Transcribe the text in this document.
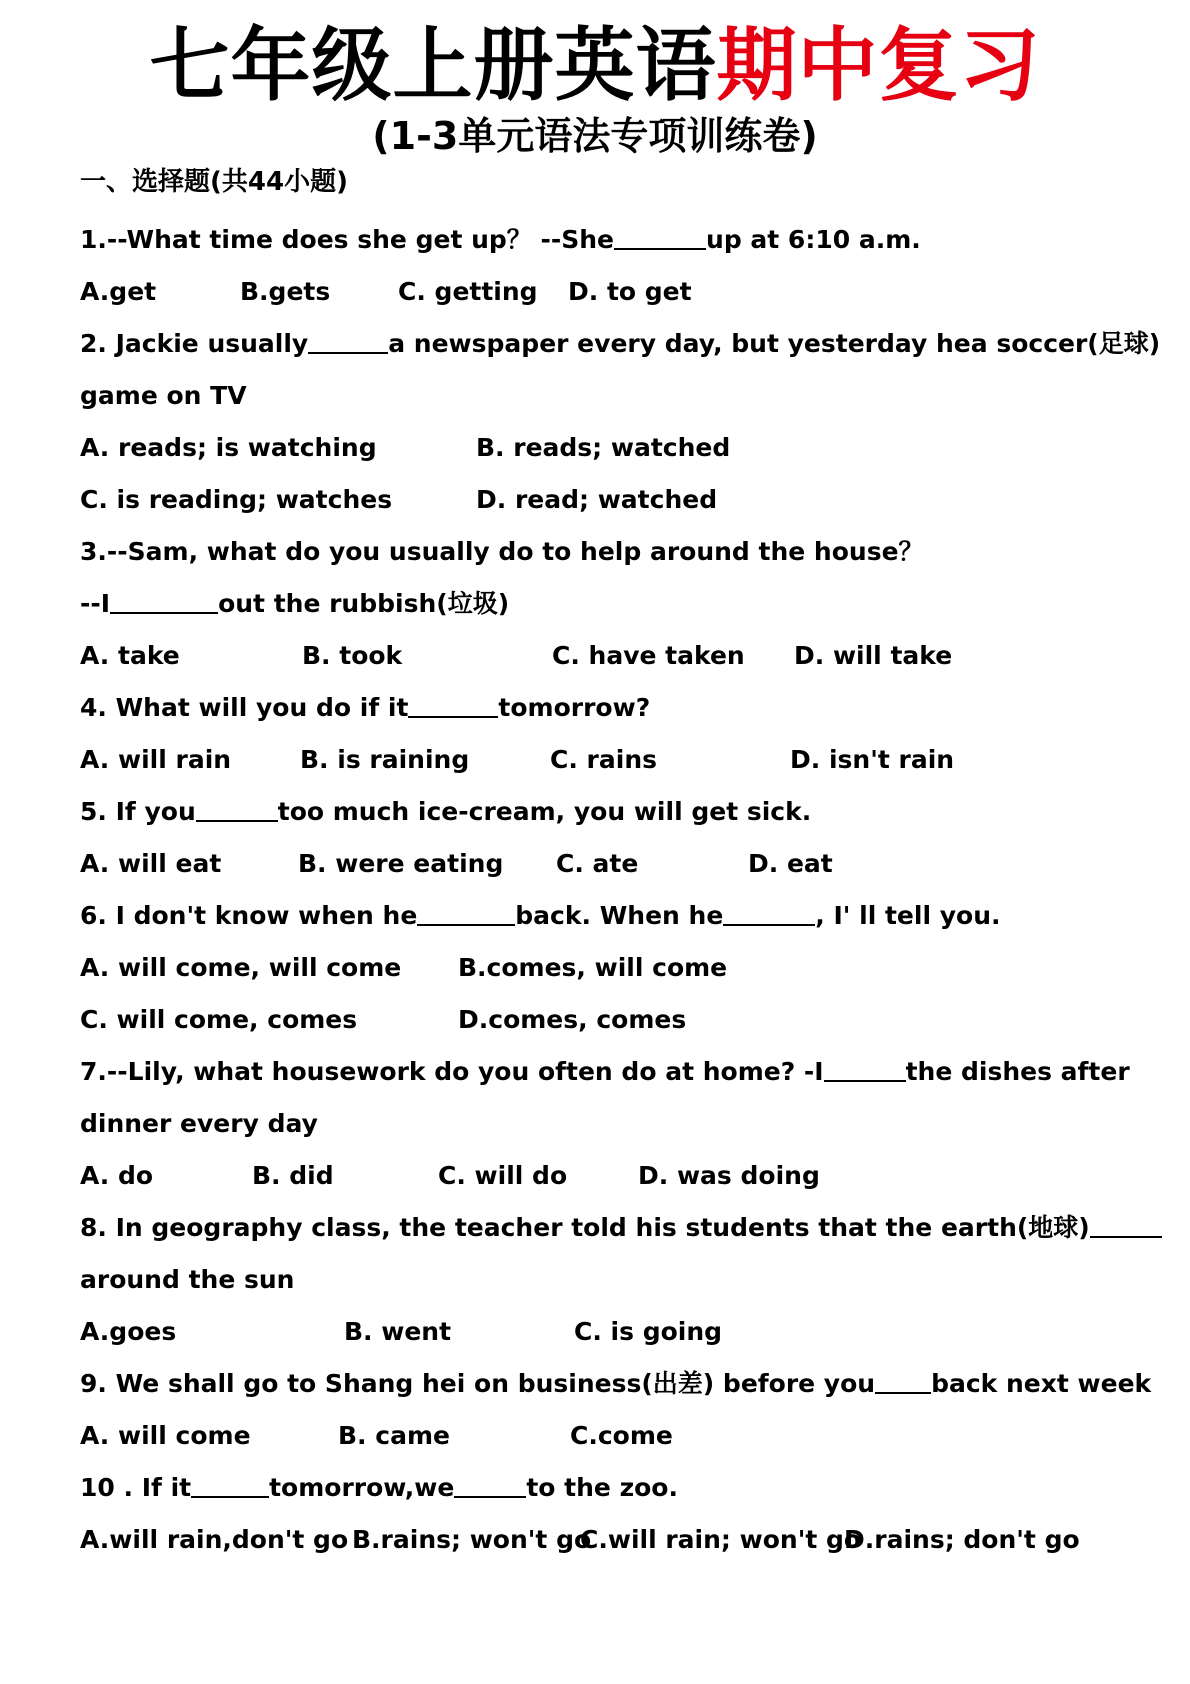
七年级上册英语期中复习
(1-3单元语法专项训练卷)
一、选择题(共44小题)
1.--What time does she get up？ --She	up at 6:10 a.m.
A.get	B.gets	C. getting D. to get
2. Jackie usually	a newspaper every day, but yesterday hea soccer(足球)
game on TV
A. reads; is watching	B. reads; watched
C. is reading; watches	D. read; watched
3.--Sam, what do you usually do to help around the house？
--I	out the rubbish(垃圾)
A. take	B. took	C. have taken D. will take
4. What will you do if it	tomorrow?
A. will rain	B. is raining	C. rains	D. isn't rain
5. If you	too much ice-cream, you will get sick.
A. will eat	B. were eating C. ate	D. eat
6. I don't know when he	back. When he	, I' ll tell you.
A. will come, will come B.comes, will come
C. will come, comes	D.comes, comes
7.--Lily, what housework do you often do at home? -I	the dishes after
dinner every day
A. do	B. did	C. will do	D. was doing
8. In geography class, the teacher told his students that the earth(地球)
around the sun
A.goes	B. went	C. is going
9. We shall go to Shang hei on business(出差) before you back next week
A. will come	B. came	C.come
10 . If it	tomorrow,we	to the zoo.
A.will rain,don't go B.rains; won't go
C.will rain; won't go
D.rains; don't go
